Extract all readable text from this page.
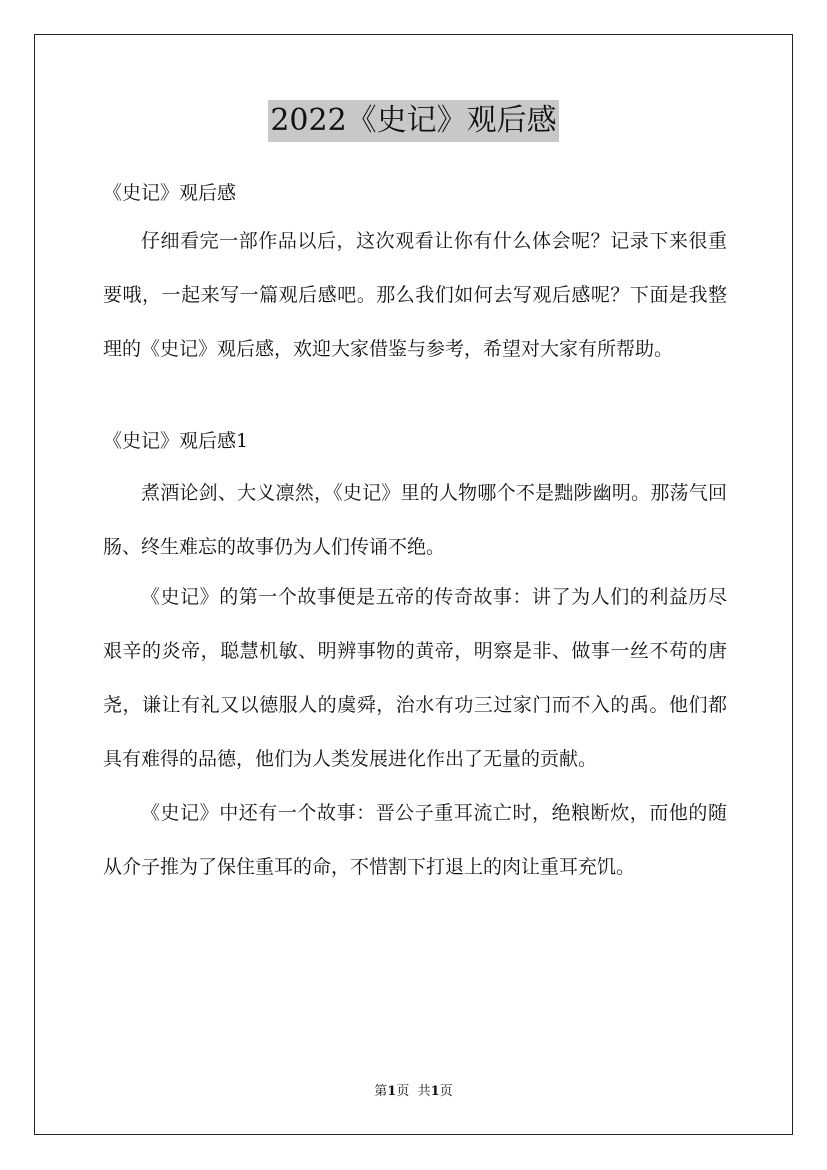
2022《史记》观后感

《史记》观后感

仔细看完一部作品以后，这次观看让你有什么体会呢？记录下来很重要哦，一起来写一篇观后感吧。那么我们如何去写观后感呢？下面是我整理的《史记》观后感，欢迎大家借鉴与参考，希望对大家有所帮助。

《史记》观后感1

煮酒论剑、大义凛然，《史记》里的人物哪个不是黜陟幽明。那荡气回肠、终生难忘的故事仍为人们传诵不绝。

《史记》的第一个故事便是五帝的传奇故事：讲了为人们的利益历尽艰辛的炎帝，聪慧机敏、明辨事物的黄帝，明察是非、做事一丝不苟的唐尧，谦让有礼又以德服人的虞舜，治水有功三过家门而不入的禹。他们都具有难得的品德，他们为人类发展进化作出了无量的贡献。

《史记》中还有一个故事：晋公子重耳流亡时，绝粮断炊，而他的随从介子推为了保住重耳的命，不惜割下打退上的肉让重耳充饥。

第1页 共1页
